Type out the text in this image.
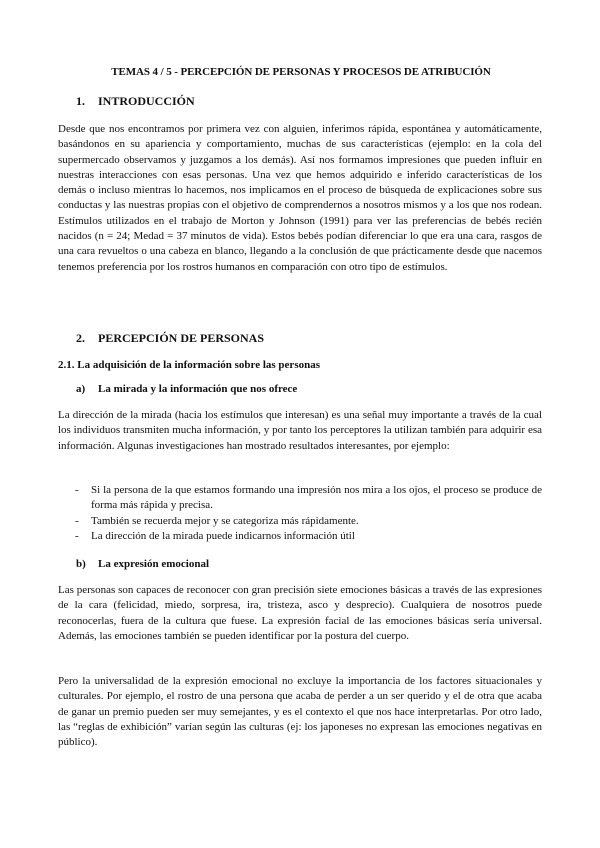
TEMAS 4 / 5 - PERCEPCIÓN DE PERSONAS Y PROCESOS DE ATRIBUCIÓN
1. INTRODUCCIÓN

Desde que nos encontramos por primera vez con alguien, inferimos rápida, espontánea y automáticamente, basándonos en su apariencia y comportamiento, muchas de sus características (ejemplo: en la cola del supermercado observamos y juzgamos a los demás). Así nos formamos impresiones que pueden influir en nuestras interacciones con esas personas. Una vez que hemos adquirido e inferido características de los demás o incluso mientras lo hacemos, nos implicamos en el proceso de búsqueda de explicaciones sobre sus conductas y las nuestras propias con el objetivo de comprendernos a nosotros mismos y a los que nos rodean. Estímulos utilizados en el trabajo de Morton y Johnson (1991) para ver las preferencias de bebés recién nacidos (n = 24; Medad = 37 minutos de vida). Estos bebés podían diferenciar lo que era una cara, rasgos de una cara revueltos o una cabeza en blanco, llegando a la conclusión de que prácticamente desde que nacemos tenemos preferencia por los rostros humanos en comparación con otro tipo de estímulos.

2. PERCEPCIÓN DE PERSONAS
2.1. La adquisición de la información sobre las personas
a) La mirada y la información que nos ofrece

La dirección de la mirada (hacia los estímulos que interesan) es una señal muy importante a través de la cual los individuos transmiten mucha información, y por tanto los perceptores la utilizan también para adquirir esa información. Algunas investigaciones han mostrado resultados interesantes, por ejemplo:

- Si la persona de la que estamos formando una impresión nos mira a los ojos, el proceso se produce de forma más rápida y precisa.
- También se recuerda mejor y se categoriza más rápidamente.
- La dirección de la mirada puede indicarnos información útil
b) La expresión emocional

Las personas son capaces de reconocer con gran precisión siete emociones básicas a través de las expresiones de la cara (felicidad, miedo, sorpresa, ira, tristeza, asco y desprecio). Cualquiera de nosotros puede reconocerlas, fuera de la cultura que fuese. La expresión facial de las emociones básicas sería universal. Además, las emociones también se pueden identificar por la postura del cuerpo.

Pero la universalidad de la expresión emocional no excluye la importancia de los factores situacionales y culturales. Por ejemplo, el rostro de una persona que acaba de perder a un ser querido y el de otra que acaba de ganar un premio pueden ser muy semejantes, y es el contexto el que nos hace interpretarlas. Por otro lado, las “reglas de exhibición” varían según las culturas (ej: los japoneses no expresan las emociones negativas en público).
